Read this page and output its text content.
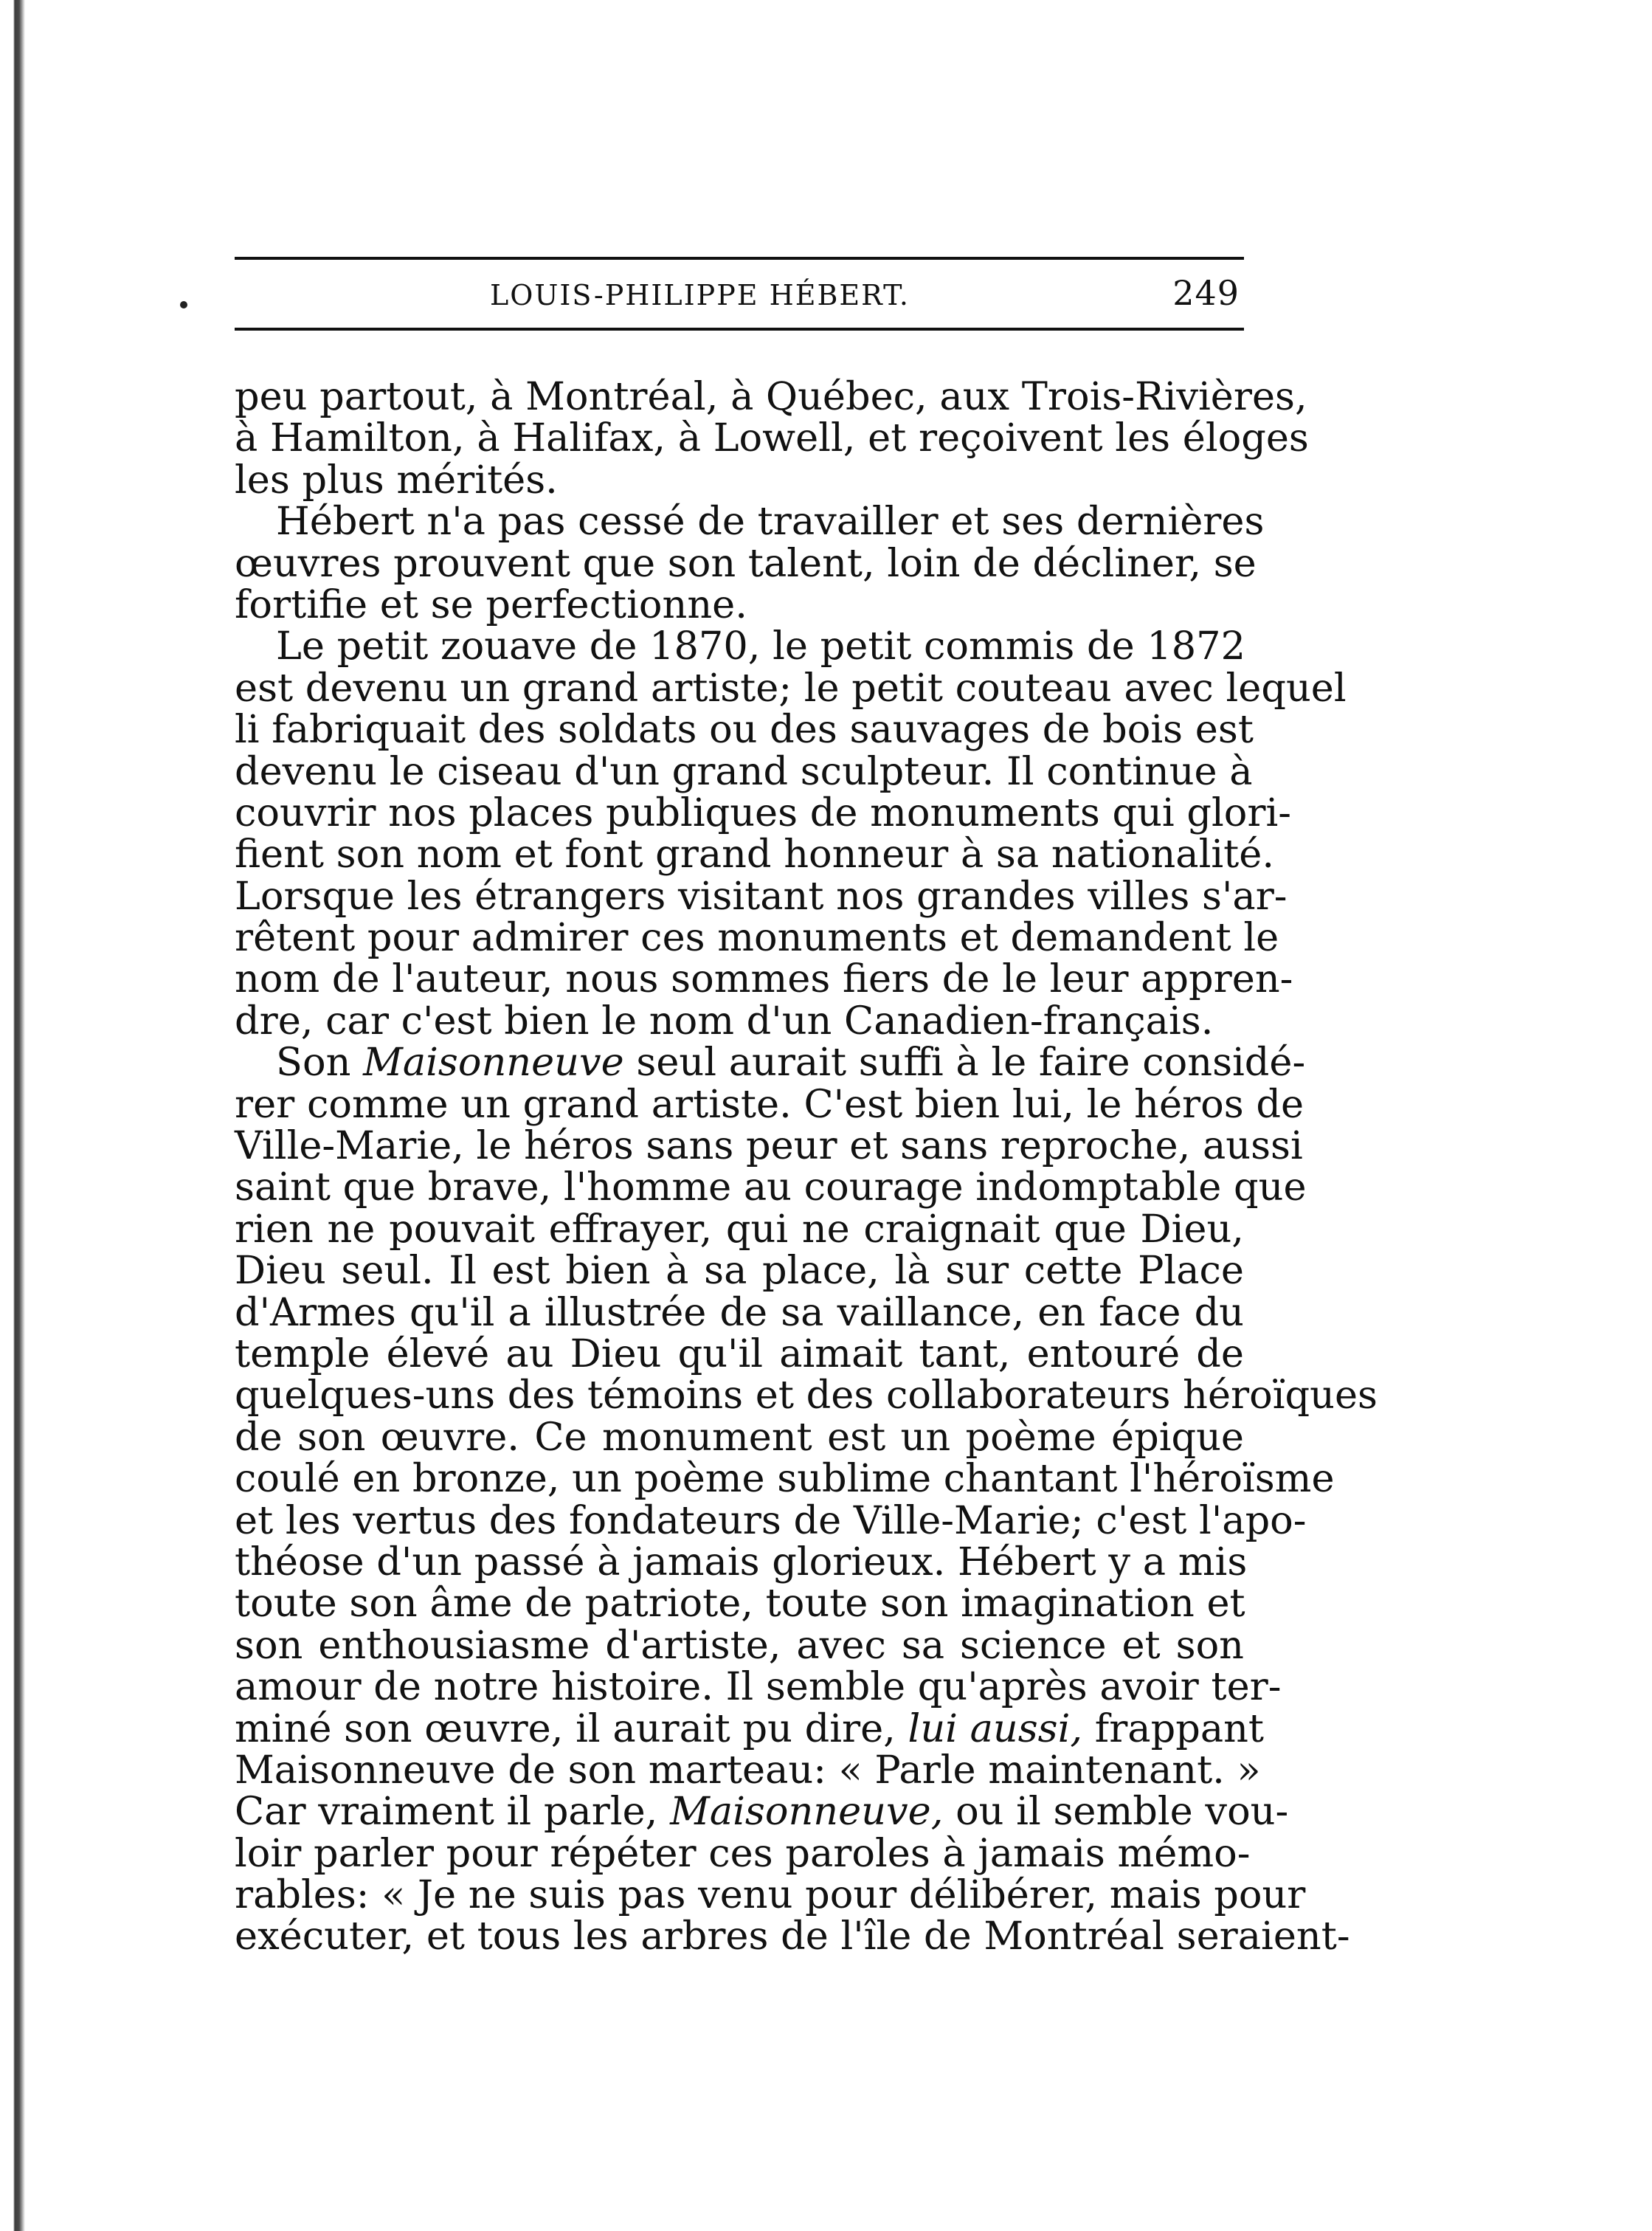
LOUIS-PHILIPPE HÉBERT.	249
peu partout, à Montréal, à Québec, aux Trois-Rivières,
à Hamilton, à Halifax, à Lowell, et reçoivent les éloges
les plus mérités.
Hébert n'a pas cessé de travailler et ses dernières
œuvres prouvent que son talent, loin de décliner, se
fortifie et se perfectionne.
Le petit zouave de 1870, le petit commis de 1872
est devenu un grand artiste; le petit couteau avec lequel
li fabriquait des soldats ou des sauvages de bois est
devenu le ciseau d'un grand sculpteur. Il continue à
couvrir nos places publiques de monuments qui glori-
fient son nom et font grand honneur à sa nationalité.
Lorsque les étrangers visitant nos grandes villes s'ar-
rêtent pour admirer ces monuments et demandent le
nom de l'auteur, nous sommes fiers de le leur appren-
dre, car c'est bien le nom d'un Canadien-français.
Son Maisonneuve seul aurait suffi à le faire considé-
rer comme un grand artiste. C'est bien lui, le héros de
Ville-Marie, le héros sans peur et sans reproche, aussi
saint que brave, l'homme au courage indomptable que
rien ne pouvait effrayer, qui ne craignait que Dieu,
Dieu seul. Il est bien à sa place, là sur cette Place
d'Armes qu'il a illustrée de sa vaillance, en face du
temple élevé au Dieu qu'il aimait tant, entouré de
quelques-uns des témoins et des collaborateurs héroïques
de son œuvre. Ce monument est un poème épique
coulé en bronze, un poème sublime chantant l'héroïsme
et les vertus des fondateurs de Ville-Marie; c'est l'apo-
théose d'un passé à jamais glorieux. Hébert y a mis
toute son âme de patriote, toute son imagination et
son enthousiasme d'artiste, avec sa science et son
amour de notre histoire. Il semble qu'après avoir ter-
miné son œuvre, il aurait pu dire, lui aussi, frappant
Maisonneuve de son marteau: « Parle maintenant. »
Car vraiment il parle, Maisonneuve, ou il semble vou-
loir parler pour répéter ces paroles à jamais mémo-
rables: « Je ne suis pas venu pour délibérer, mais pour
exécuter, et tous les arbres de l'île de Montréal seraient-
